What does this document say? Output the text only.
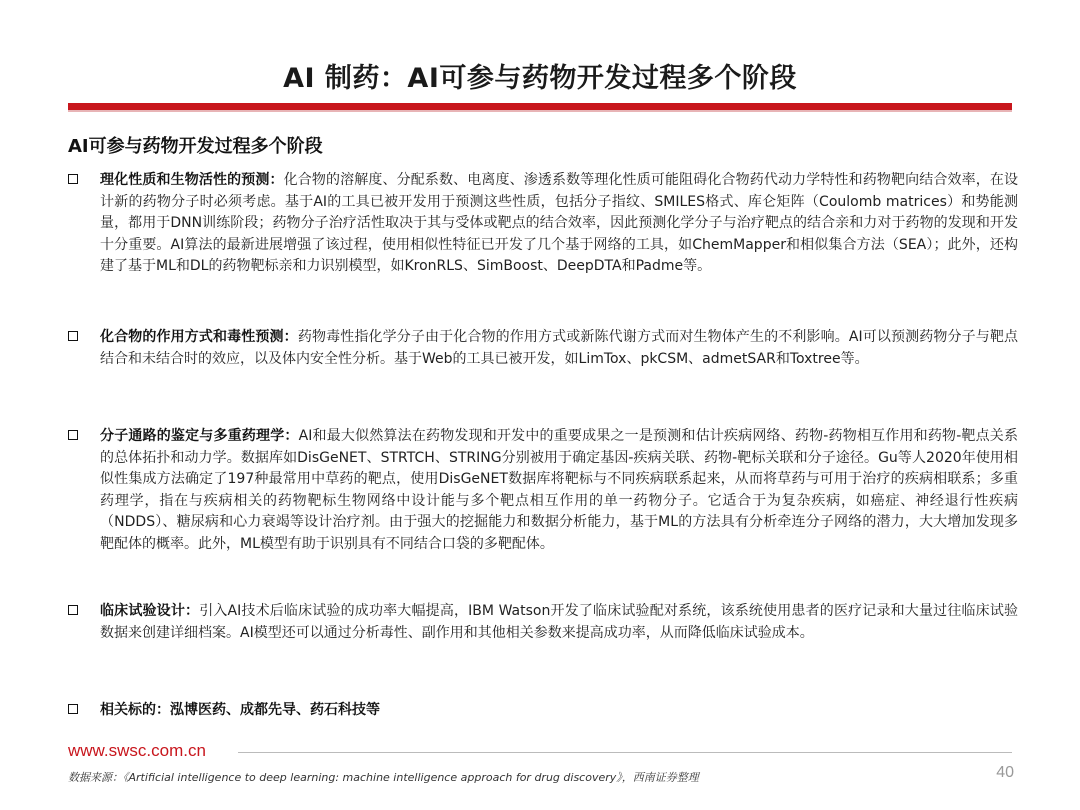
AI 制药：AI可参与药物开发过程多个阶段
AI可参与药物开发过程多个阶段
理化性质和生物活性的预测：化合物的溶解度、分配系数、电离度、渗透系数等理化性质可能阻碍化合物药代动力学特性和药物靶向结合效率，在设计新的药物分子时必须考虑。基于AI的工具已被开发用于预测这些性质，包括分子指纹、SMILES格式、库仑矩阵（Coulomb matrices）和势能测量，都用于DNN训练阶段；药物分子治疗活性取决于其与受体或靶点的结合效率，因此预测化学分子与治疗靶点的结合亲和力对于药物的发现和开发十分重要。AI算法的最新进展增强了该过程，使用相似性特征已开发了几个基于网络的工具，如ChemMapper和相似集合方法（SEA）；此外，还构建了基于ML和DL的药物靶标亲和力识别模型，如KronRLS、SimBoost、DeepDTA和Padme等。
化合物的作用方式和毒性预测：药物毒性指化学分子由于化合物的作用方式或新陈代谢方式而对生物体产生的不利影响。AI可以预测药物分子与靶点结合和未结合时的效应，以及体内安全性分析。基于Web的工具已被开发，如LimTox、pkCSM、admetSAR和Toxtree等。
分子通路的鉴定与多重药理学：AI和最大似然算法在药物发现和开发中的重要成果之一是预测和估计疾病网络、药物-药物相互作用和药物-靶点关系的总体拓扑和动力学。数据库如DisGeNET、STRTCH、STRING分别被用于确定基因-疾病关联、药物-靶标关联和分子途径。Gu等人2020年使用相似性集成方法确定了197种最常用中草药的靶点，使用DisGeNET数据库将靶标与不同疾病联系起来，从而将草药与可用于治疗的疾病相联系；多重药理学，指在与疾病相关的药物靶标生物网络中设计能与多个靶点相互作用的单一药物分子。它适合于为复杂疾病，如癌症、神经退行性疾病（NDDS）、糖尿病和心力衰竭等设计治疗剂。由于强大的挖掘能力和数据分析能力，基于ML的方法具有分析牵连分子网络的潜力，大大增加发现多靶配体的概率。此外，ML模型有助于识别具有不同结合口袋的多靶配体。
临床试验设计：引入AI技术后临床试验的成功率大幅提高，IBM Watson开发了临床试验配对系统，该系统使用患者的医疗记录和大量过往临床试验数据来创建详细档案。AI模型还可以通过分析毒性、副作用和其他相关参数来提高成功率，从而降低临床试验成本。
相关标的：泓博医药、成都先导、药石科技等
www.swsc.com.cn
数据来源：《Artificial intelligence to deep learning: machine intelligence approach for drug discovery》，西南证券整理	40
